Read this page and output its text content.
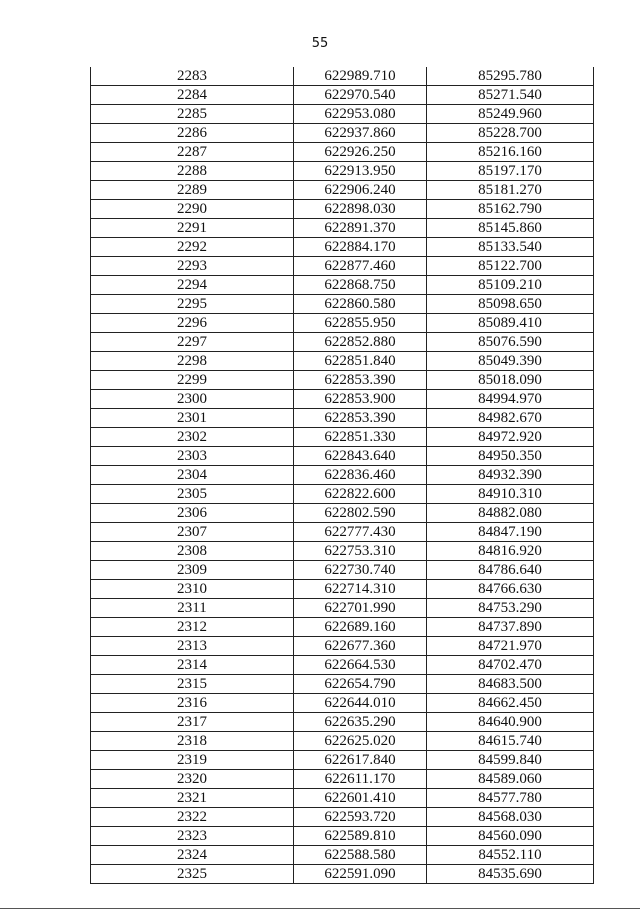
55
2283	622989.710	85295.780
2284	622970.540	85271.540
2285	622953.080	85249.960
2286	622937.860	85228.700
2287	622926.250	85216.160
2288	622913.950	85197.170
2289	622906.240	85181.270
2290	622898.030	85162.790
2291	622891.370	85145.860
2292	622884.170	85133.540
2293	622877.460	85122.700
2294	622868.750	85109.210
2295	622860.580	85098.650
2296	622855.950	85089.410
2297	622852.880	85076.590
2298	622851.840	85049.390
2299	622853.390	85018.090
2300	622853.900	84994.970
2301	622853.390	84982.670
2302	622851.330	84972.920
2303	622843.640	84950.350
2304	622836.460	84932.390
2305	622822.600	84910.310
2306	622802.590	84882.080
2307	622777.430	84847.190
2308	622753.310	84816.920
2309	622730.740	84786.640
2310	622714.310	84766.630
2311	622701.990	84753.290
2312	622689.160	84737.890
2313	622677.360	84721.970
2314	622664.530	84702.470
2315	622654.790	84683.500
2316	622644.010	84662.450
2317	622635.290	84640.900
2318	622625.020	84615.740
2319	622617.840	84599.840
2320	622611.170	84589.060
2321	622601.410	84577.780
2322	622593.720	84568.030
2323	622589.810	84560.090
2324	622588.580	84552.110
2325	622591.090	84535.690
